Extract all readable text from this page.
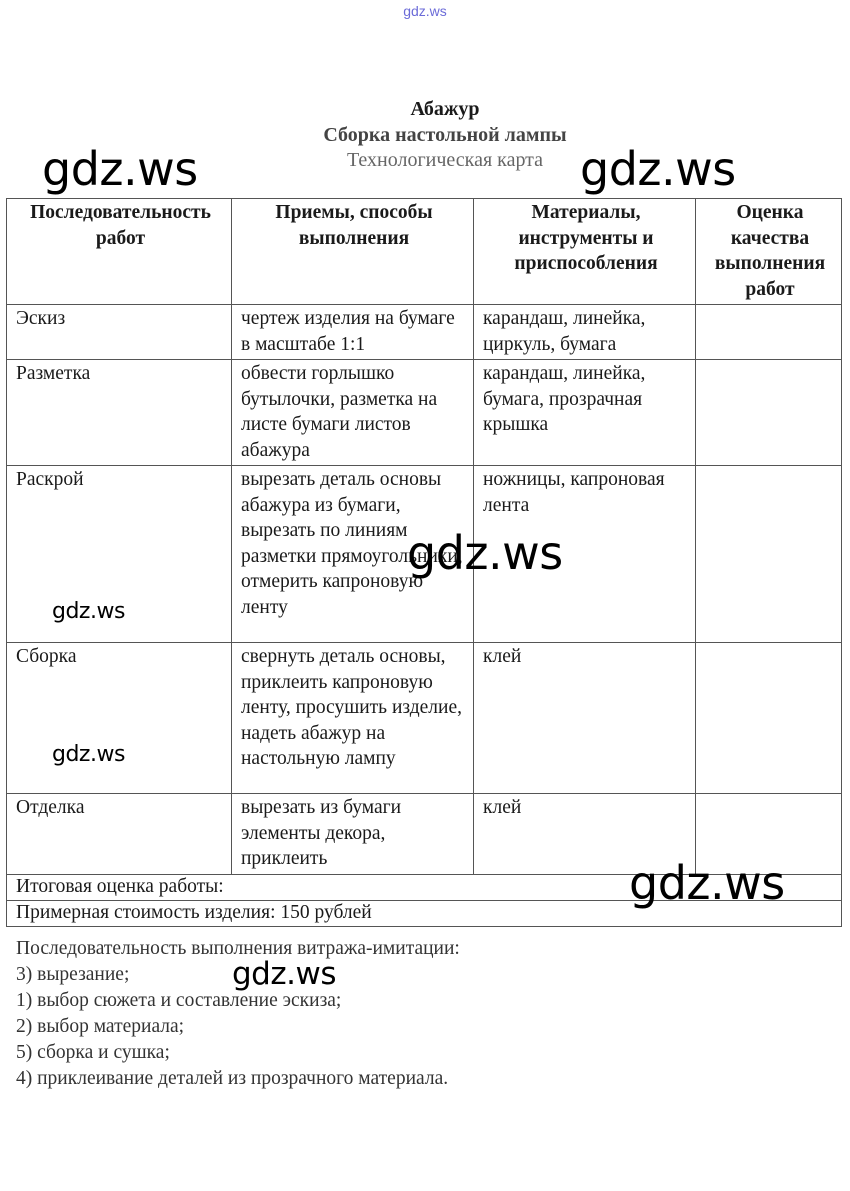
gdz.ws
Абажур
Сборка настольной лампы
Технологическая карта
Последовательность работ	Приемы, способы выполнения	Материалы, инструменты и приспособления	Оценка качества выполнения работ
Эскиз	чертеж изделия на бумаге в масштабе 1:1	карандаш, линейка, циркуль, бумага	
Разметка	обвести горлышко бутылочки, разметка на листе бумаги листов абажура	карандаш, линейка, бумага, прозрачная крышка	
Раскрой	вырезать деталь основы абажура из бумаги, вырезать по линиям разметки прямоугольники, отмерить капроновую ленту	ножницы, капроновая лента	
Сборка	свернуть деталь основы, приклеить капроновую ленту, просушить изделие, надеть абажур на настольную лампу	клей	
Отделка	вырезать из бумаги элементы декора, приклеить	клей	
Итоговая оценка работы:			
Примерная стоимость изделия: 150 рублей			
Последовательность выполнения витража-имитации:
3) вырезание;
1) выбор сюжета и составление эскиза;
2) выбор материала;
5) сборка и сушка;
4) приклеивание деталей из прозрачного материала.
gdz.ws	gdz.ws
gdz.ws
gdz.ws
gdz.ws
gdz.ws
gdz.ws
